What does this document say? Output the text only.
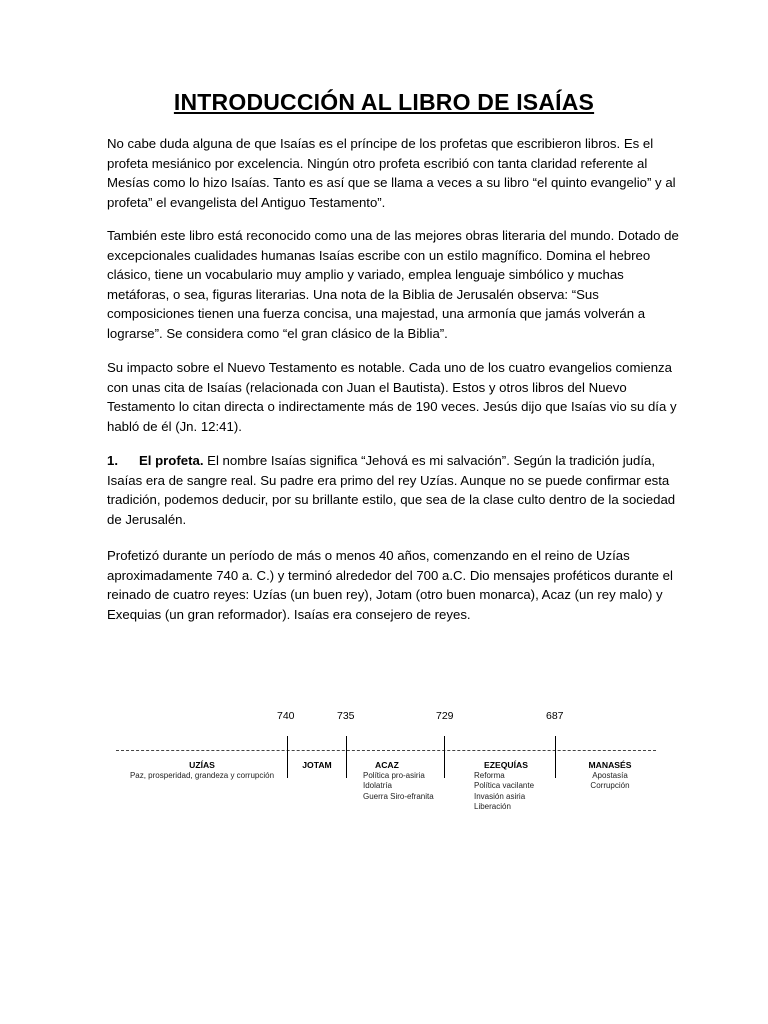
INTRODUCCIÓN AL LIBRO DE ISAÍAS
No cabe duda alguna de que Isaías es el príncipe de los profetas que escribieron libros. Es el
profeta mesiánico por excelencia. Ningún otro profeta escribió con tanta claridad referente al
Mesías como lo hizo Isaías. Tanto es así que se llama a veces a su libro “el quinto evangelio” y al
profeta” el evangelista del Antiguo Testamento”.
También este libro está reconocido como una de las mejores obras literaria del mundo. Dotado de
excepcionales cualidades humanas Isaías escribe con un estilo magnífico. Domina el hebreo
clásico, tiene un vocabulario muy amplio y variado, emplea lenguaje simbólico y muchas
metáforas, o sea, figuras literarias. Una nota de la Biblia de Jerusalén observa: “Sus
composiciones tienen una fuerza concisa, una majestad, una armonía que jamás volverán a
lograrse”. Se considera como “el gran clásico de la Biblia”.
Su impacto sobre el Nuevo Testamento es notable. Cada uno de los cuatro evangelios comienza
con unas cita de Isaías (relacionada con Juan el Bautista). Estos y otros libros del Nuevo
Testamento lo citan directa o indirectamente más de 190 veces. Jesús dijo que Isaías vio su día y
habló de él (Jn. 12:41).
1. El profeta. El nombre Isaías significa “Jehová es mi salvación”. Según la tradición judía,
Isaías era de sangre real. Su padre era primo del rey Uzías. Aunque no se puede confirmar esta
tradición, podemos deducir, por su brillante estilo, que sea de la clase culto dentro de la sociedad
de Jerusalén.
Profetizó durante un período de más o menos 40 años, comenzando en el reino de Uzías
aproximadamente 740 a. C.) y terminó alrededor del 700 a.C. Dio mensajes proféticos durante el
reinado de cuatro reyes: Uzías (un buen rey), Jotam (otro buen monarca), Acaz (un rey malo) y
Exequias (un gran reformador). Isaías era consejero de reyes.
740	735	729	687
UZÍAS
Paz, prosperidad, grandeza y corrupción
JOTAM	ACAZ
Política pro-asiria
Idolatría
Guerra Siro-efranita
EZEQUÍAS
Reforma
Política vacilante
Invasión asiria
Liberación
MANASÉS
Apostasía
Corrupción
